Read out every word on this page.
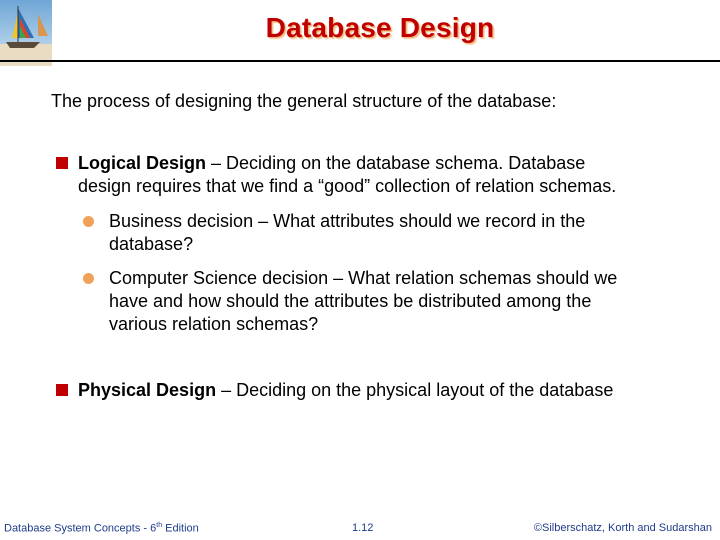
Database Design
The process of designing the general structure of the database:
Logical Design – Deciding on the database schema. Database
design requires that we find a “good” collection of relation schemas.
Business decision – What attributes should we record in the
database?
Computer Science decision – What relation schemas should we
have and how should the attributes be distributed among the
various relation schemas?
Physical Design – Deciding on the physical layout of the database
Database System Concepts - 6th Edition	1.12	©Silberschatz, Korth and Sudarshan
